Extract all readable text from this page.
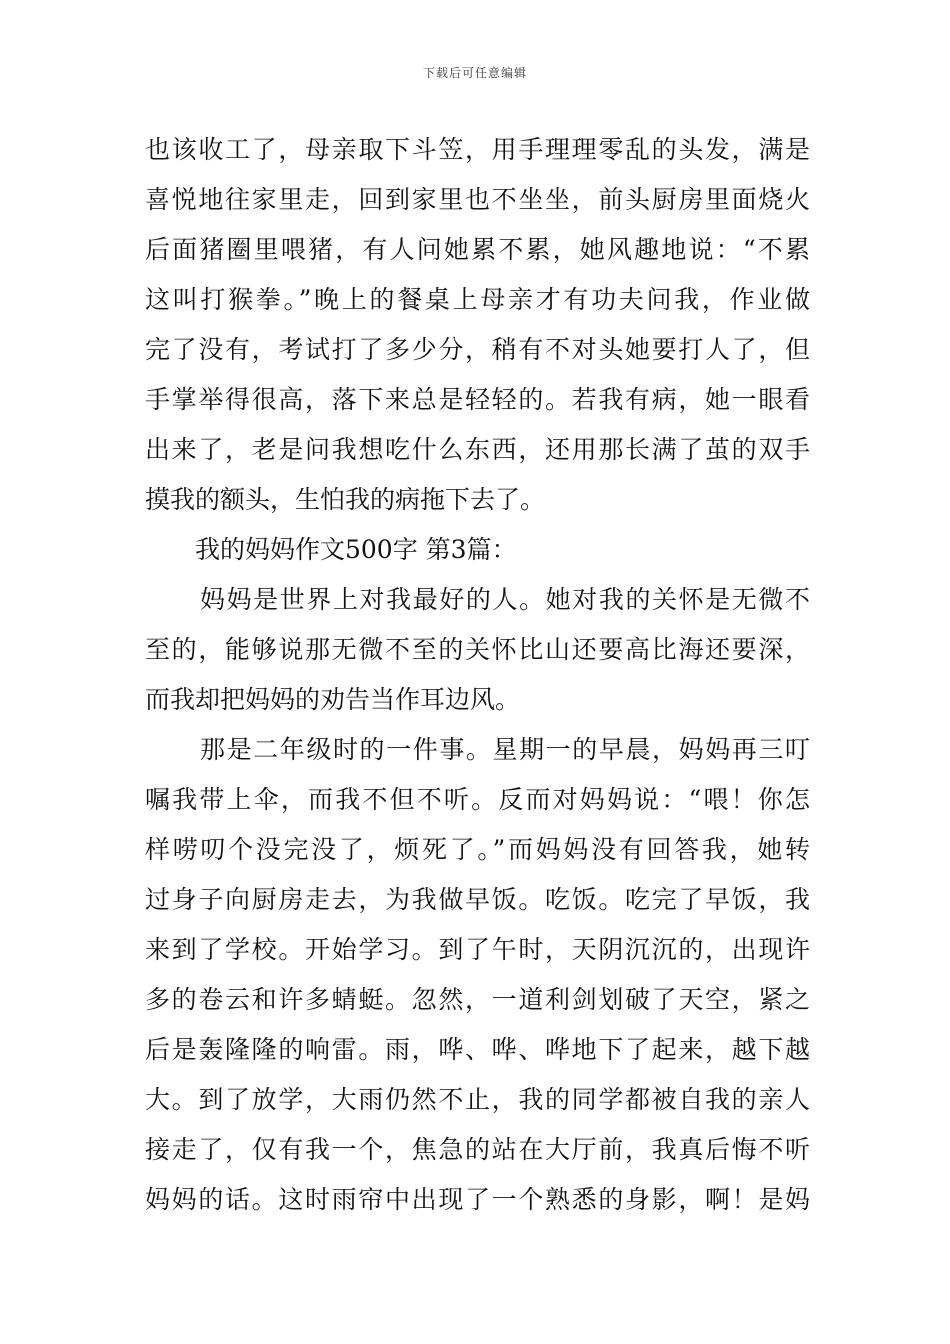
下载后可任意编辑
也该收工了，母亲取下斗笠，用手理理零乱的头发，满是
喜悦地往家里走，回到家里也不坐坐，前头厨房里面烧火
后面猪圈里喂猪，有人问她累不累，她风趣地说：“不累
这叫打猴拳。”晚上的餐桌上母亲才有功夫问我，作业做
完了没有，考试打了多少分，稍有不对头她要打人了，但
手掌举得很高，落下来总是轻轻的。若我有病，她一眼看
出来了，老是问我想吃什么东西，还用那长满了茧的双手
摸我的额头，生怕我的病拖下去了。
我的妈妈作文500字 第3篇：
妈妈是世界上对我最好的人。她对我的关怀是无微不
至的，能够说那无微不至的关怀比山还要高比海还要深，
而我却把妈妈的劝告当作耳边风。
那是二年级时的一件事。星期一的早晨，妈妈再三叮
嘱我带上伞，而我不但不听。反而对妈妈说：“喂！你怎
样唠叨个没完没了，烦死了。”而妈妈没有回答我，她转
过身子向厨房走去，为我做早饭。吃饭。吃完了早饭，我
来到了学校。开始学习。到了午时，天阴沉沉的，出现许
多的卷云和许多蜻蜓。忽然，一道利剑划破了天空，紧之
后是轰隆隆的响雷。雨，哗、哗、哗地下了起来，越下越
大。到了放学，大雨仍然不止，我的同学都被自我的亲人
接走了，仅有我一个，焦急的站在大厅前，我真后悔不听
妈妈的话。这时雨帘中出现了一个熟悉的身影，啊！是妈
